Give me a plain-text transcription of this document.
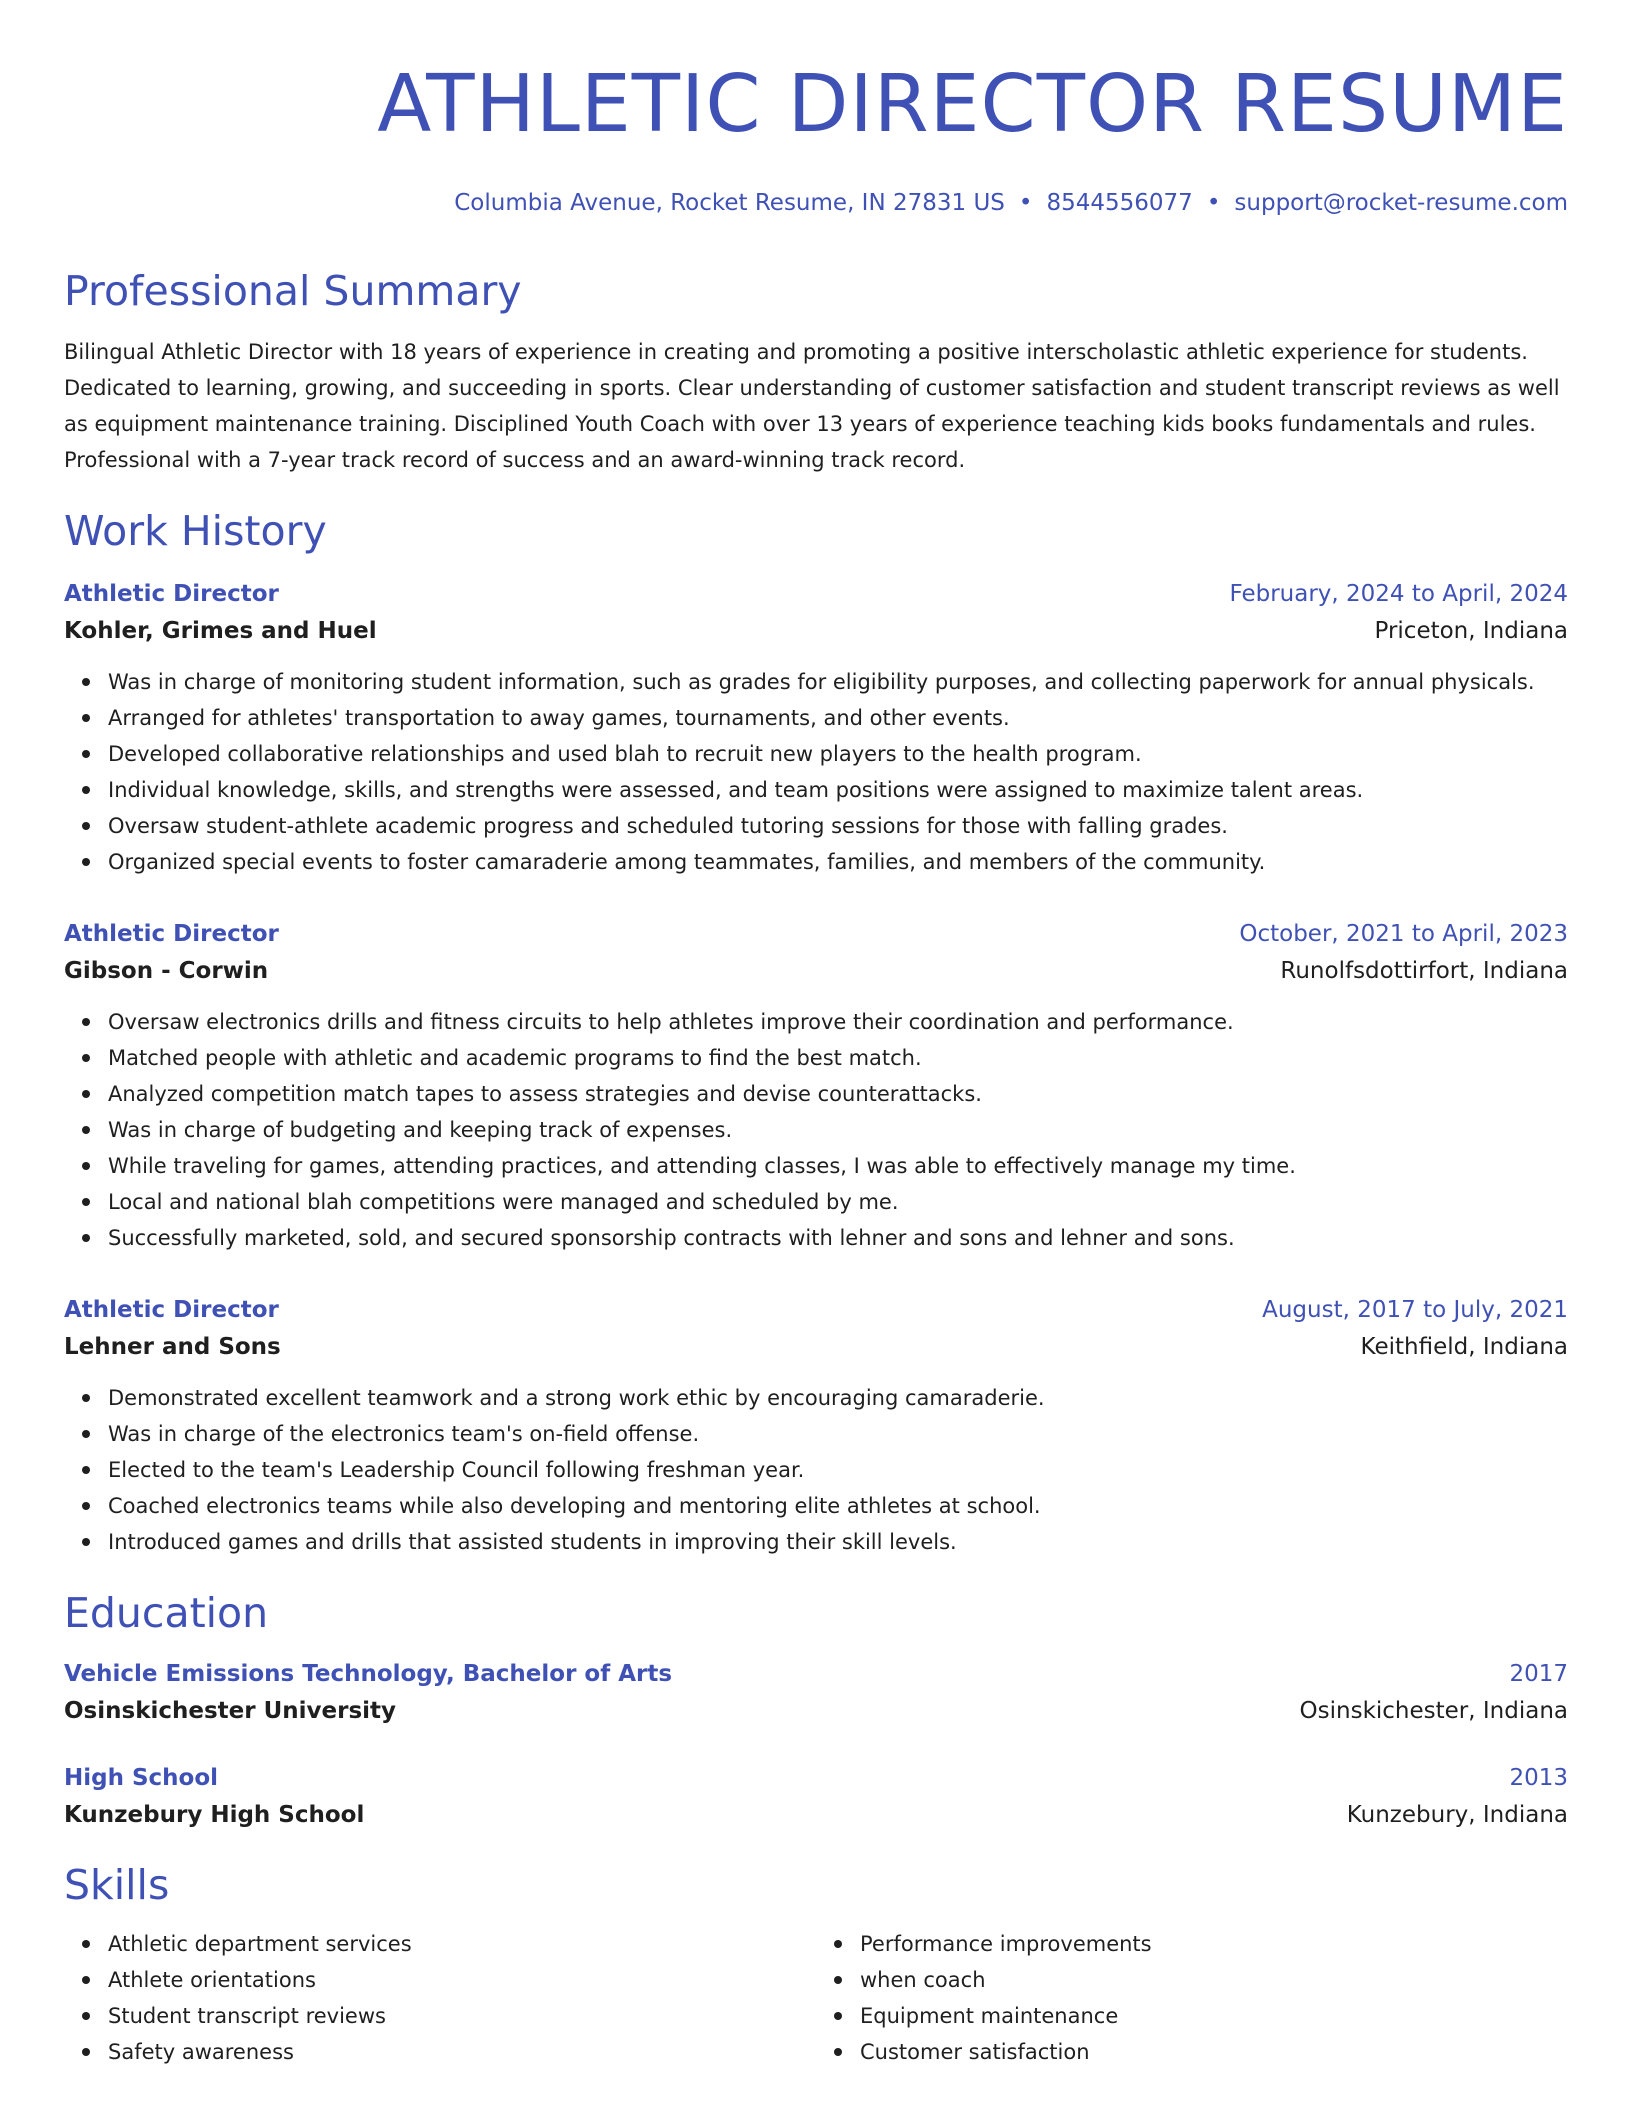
ATHLETIC DIRECTOR RESUME
Columbia Avenue, Rocket Resume, IN 27831 US • 8544556077 • support@rocket-resume.com
Professional Summary
Bilingual Athletic Director with 18 years of experience in creating and promoting a positive interscholastic athletic experience for students. Dedicated to learning, growing, and succeeding in sports. Clear understanding of customer satisfaction and student transcript reviews as well as equipment maintenance training. Disciplined Youth Coach with over 13 years of experience teaching kids books fundamentals and rules. Professional with a 7-year track record of success and an award-winning track record.
Work History
Athletic Director	February, 2024 to April, 2024
Kohler, Grimes and Huel	Priceton, Indiana
Was in charge of monitoring student information, such as grades for eligibility purposes, and collecting paperwork for annual physicals.
Arranged for athletes' transportation to away games, tournaments, and other events.
Developed collaborative relationships and used blah to recruit new players to the health program.
Individual knowledge, skills, and strengths were assessed, and team positions were assigned to maximize talent areas.
Oversaw student-athlete academic progress and scheduled tutoring sessions for those with falling grades.
Organized special events to foster camaraderie among teammates, families, and members of the community.
Athletic Director	October, 2021 to April, 2023
Gibson - Corwin	Runolfsdottirfort, Indiana
Oversaw electronics drills and fitness circuits to help athletes improve their coordination and performance.
Matched people with athletic and academic programs to find the best match.
Analyzed competition match tapes to assess strategies and devise counterattacks.
Was in charge of budgeting and keeping track of expenses.
While traveling for games, attending practices, and attending classes, I was able to effectively manage my time.
Local and national blah competitions were managed and scheduled by me.
Successfully marketed, sold, and secured sponsorship contracts with lehner and sons and lehner and sons.
Athletic Director	August, 2017 to July, 2021
Lehner and Sons	Keithfield, Indiana
Demonstrated excellent teamwork and a strong work ethic by encouraging camaraderie.
Was in charge of the electronics team's on-field offense.
Elected to the team's Leadership Council following freshman year.
Coached electronics teams while also developing and mentoring elite athletes at school.
Introduced games and drills that assisted students in improving their skill levels.
Education
Vehicle Emissions Technology, Bachelor of Arts	2017
Osinskichester University	Osinskichester, Indiana
High School	2013
Kunzebury High School	Kunzebury, Indiana
Skills
Athletic department services
Athlete orientations
Student transcript reviews
Safety awareness
Performance improvements
when coach
Equipment maintenance
Customer satisfaction
